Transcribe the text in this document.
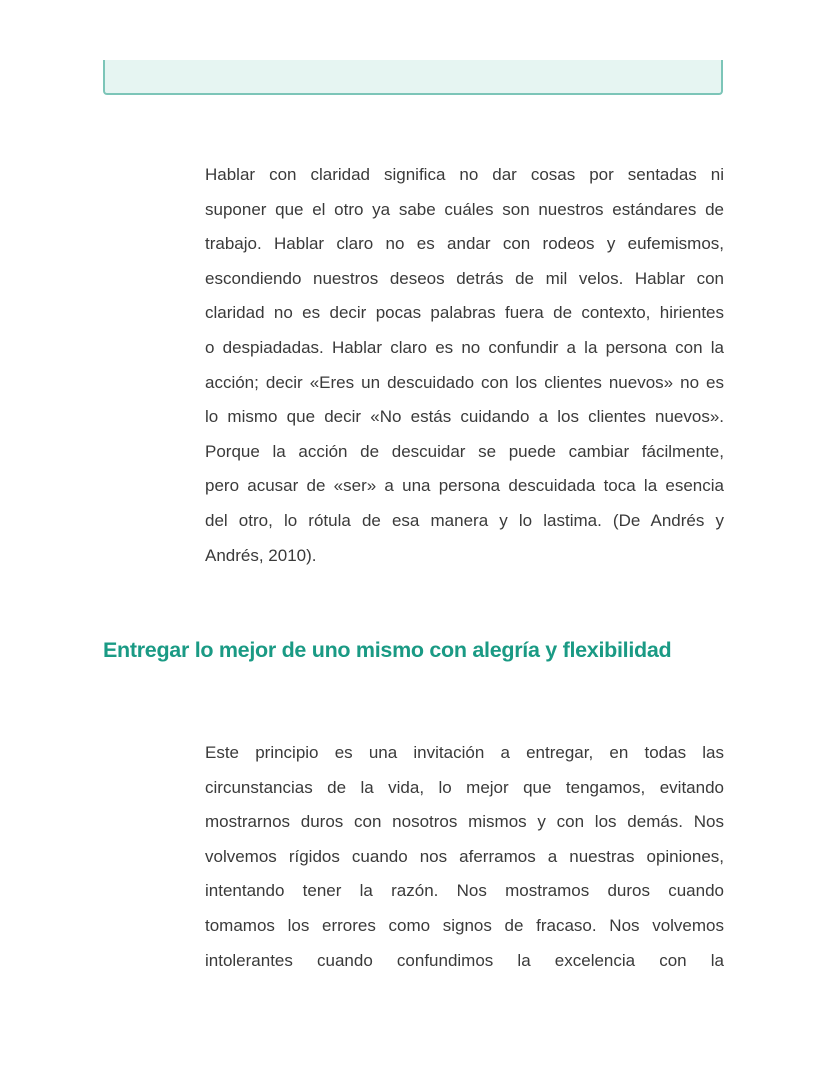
Hablar con claridad significa no dar cosas por sentadas ni
suponer que el otro ya sabe cuáles son nuestros estándares de
trabajo. Hablar claro no es andar con rodeos y eufemismos,
escondiendo nuestros deseos detrás de mil velos. Hablar con
claridad no es decir pocas palabras fuera de contexto, hirientes
o despiadadas. Hablar claro es no confundir a la persona con la
acción; decir «Eres un descuidado con los clientes nuevos» no es
lo mismo que decir «No estás cuidando a los clientes nuevos».
Porque la acción de descuidar se puede cambiar fácilmente,
pero acusar de «ser» a una persona descuidada toca la esencia
del otro, lo rótula de esa manera y lo lastima. (De Andrés y
Andrés, 2010).
Entregar lo mejor de uno mismo con alegría y flexibilidad
Este principio es una invitación a entregar, en todas las
circunstancias de la vida, lo mejor que tengamos, evitando
mostrarnos duros con nosotros mismos y con los demás. Nos
volvemos rígidos cuando nos aferramos a nuestras opiniones,
intentando tener la razón. Nos mostramos duros cuando
tomamos los errores como signos de fracaso. Nos volvemos
intolerantes cuando confundimos la excelencia con la
